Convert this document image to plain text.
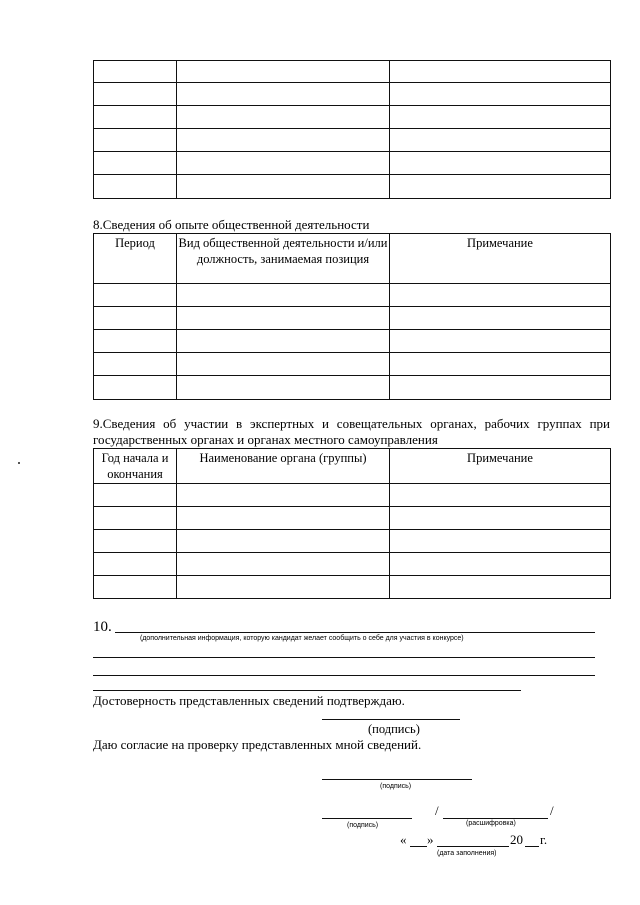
8.Сведения об опыте общественной деятельности
Период	Вид общественной деятельности и/или должность, занимаемая позиция	Примечание

9.Сведения об участии в экспертных и совещательных органах, рабочих группах при государственных органах и органах местного самоуправления
Год начала и окончания	Наименование органа (группы)	Примечание

10.
(дополнительная информация, которую кандидат желает сообщить о себе для участия в конкурсе)
Достоверность представленных сведений подтверждаю.
(подпись)
Даю согласие на проверку представленных мной сведений.
(подпись)
/	/
(подпись)	(расшифровка)
« »	20 г.
(дата заполнения)
